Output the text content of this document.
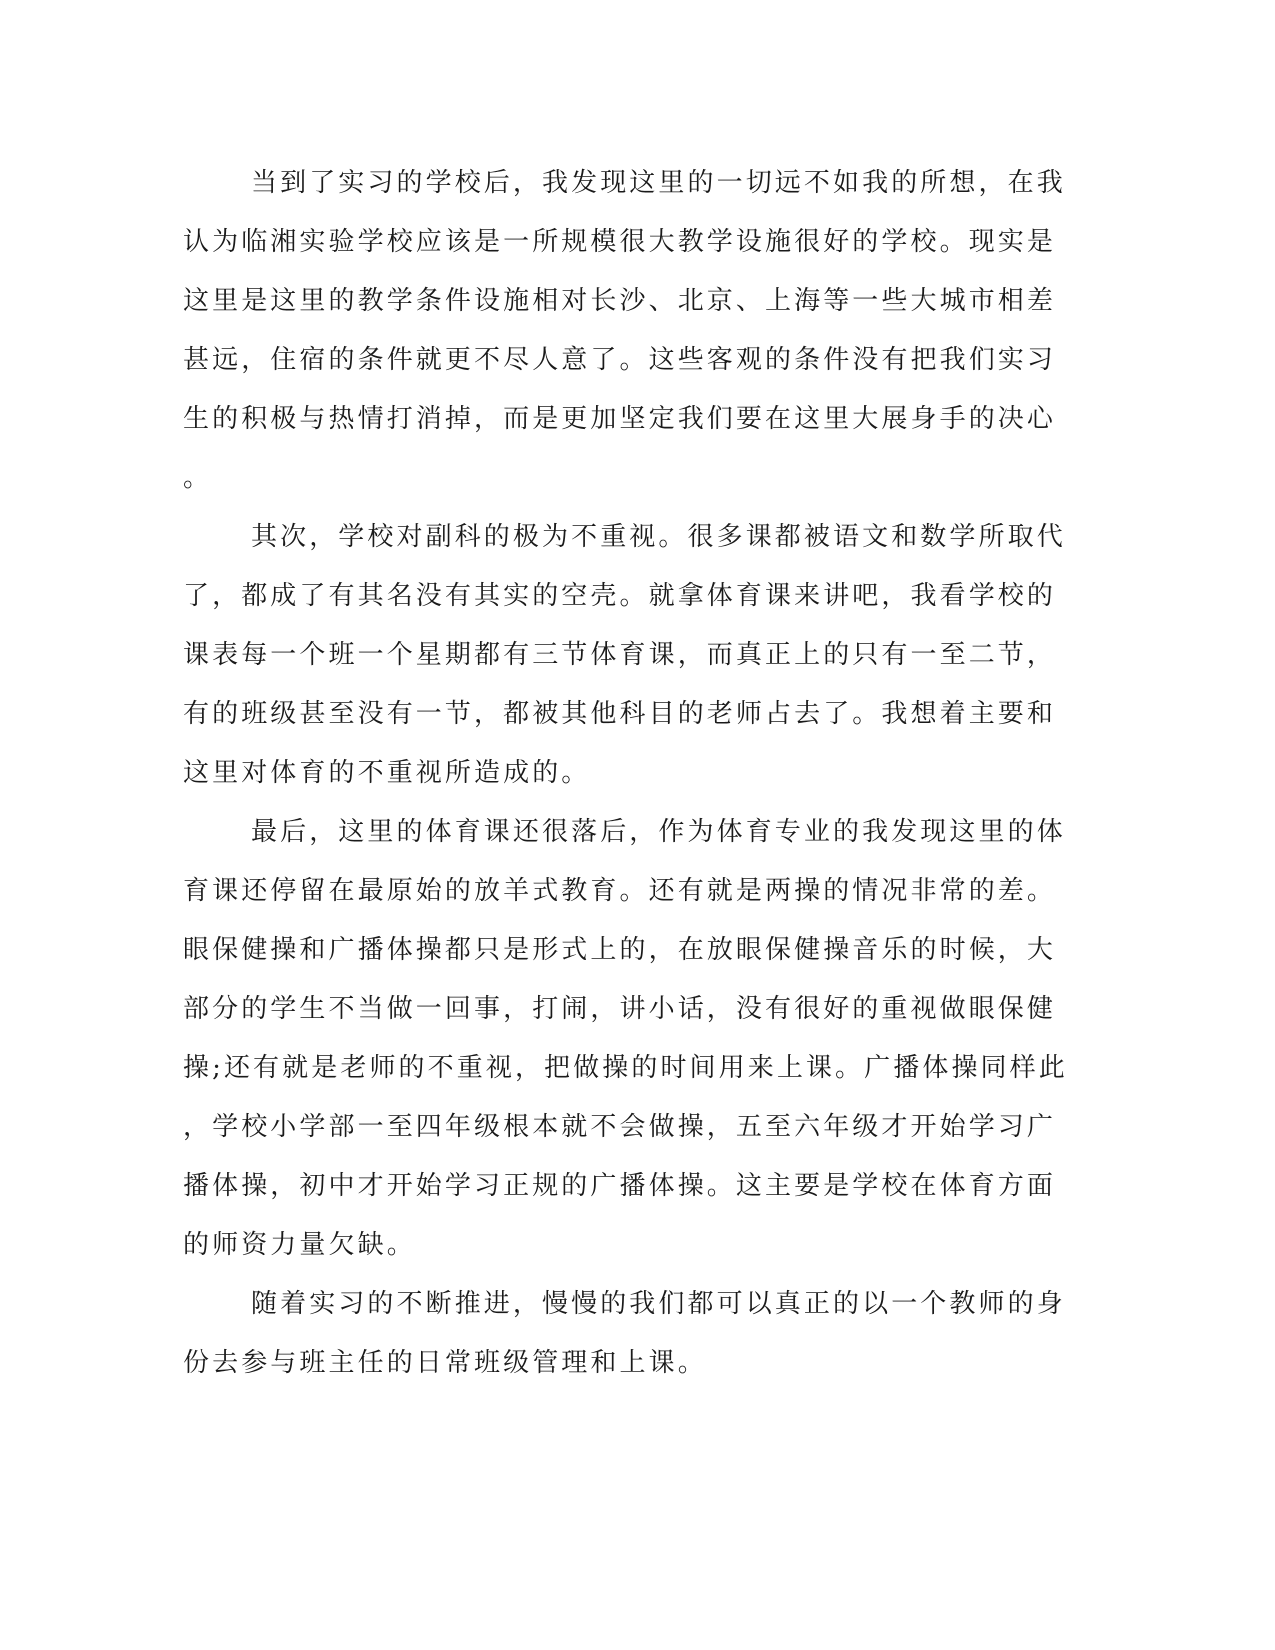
当到了实习的学校后，我发现这里的一切远不如我的所想，在我
认为临湘实验学校应该是一所规模很大教学设施很好的学校。现实是
这里是这里的教学条件设施相对长沙、北京、上海等一些大城市相差
甚远，住宿的条件就更不尽人意了。这些客观的条件没有把我们实习
生的积极与热情打消掉，而是更加坚定我们要在这里大展身手的决心
。
其次，学校对副科的极为不重视。很多课都被语文和数学所取代
了，都成了有其名没有其实的空壳。就拿体育课来讲吧，我看学校的
课表每一个班一个星期都有三节体育课，而真正上的只有一至二节，
有的班级甚至没有一节，都被其他科目的老师占去了。我想着主要和
这里对体育的不重视所造成的。
最后，这里的体育课还很落后，作为体育专业的我发现这里的体
育课还停留在最原始的放羊式教育。还有就是两操的情况非常的差。
眼保健操和广播体操都只是形式上的，在放眼保健操音乐的时候，大
部分的学生不当做一回事，打闹，讲小话，没有很好的重视做眼保健
操;还有就是老师的不重视，把做操的时间用来上课。广播体操同样此
，学校小学部一至四年级根本就不会做操，五至六年级才开始学习广
播体操，初中才开始学习正规的广播体操。这主要是学校在体育方面
的师资力量欠缺。
随着实习的不断推进，慢慢的我们都可以真正的以一个教师的身
份去参与班主任的日常班级管理和上课。
